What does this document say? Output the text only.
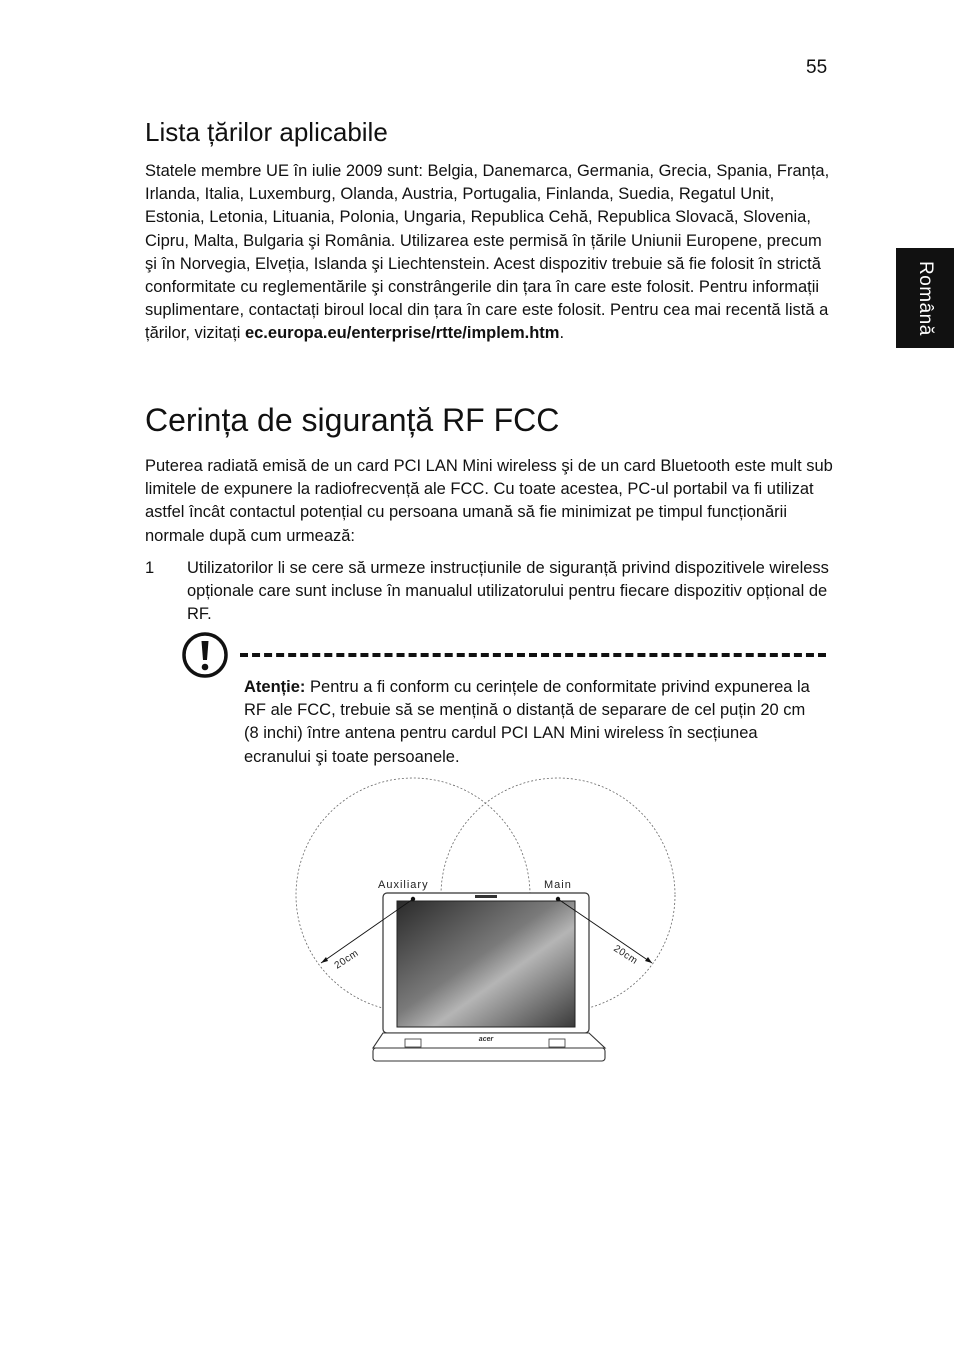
55
Română
Lista țărilor aplicabile

Statele membre UE în iulie 2009 sunt: Belgia, Danemarca, Germania, Grecia, Spania, Franța, Irlanda, Italia, Luxemburg, Olanda, Austria, Portugalia, Finlanda, Suedia, Regatul Unit, Estonia, Letonia, Lituania, Polonia, Ungaria, Republica Cehă, Republica Slovacă, Slovenia, Cipru, Malta, Bulgaria şi România. Utilizarea este permisă în țările Uniunii Europene, precum şi în Norvegia, Elveția, Islanda şi Liechtenstein. Acest dispozitiv trebuie să fie folosit în strictă conformitate cu reglementările şi constrângerile din țara în care este folosit. Pentru informații suplimentare, contactați biroul local din țara în care este folosit. Pentru cea mai recentă listă a țărilor, vizitați ec.europa.eu/enterprise/rtte/implem.htm.

Cerința de siguranță RF FCC

Puterea radiată emisă de un card PCI LAN Mini wireless şi de un card Bluetooth este mult sub limitele de expunere la radiofrecvență ale FCC. Cu toate acestea, PC-ul portabil va fi utilizat astfel încât contactul potențial cu persoana umană să fie minimizat pe timpul funcționării normale după cum urmează:

1 Utilizatorilor li se cere să urmeze instrucțiunile de siguranță privind dispozitivele wireless opționale care sunt incluse în manualul utilizatorului pentru fiecare dispozitiv opțional de RF.

Atenție: Pentru a fi conform cu cerințele de conformitate privind expunerea la RF ale FCC, trebuie să se mențină o distanță de separare de cel puțin 20 cm (8 inchi) între antena pentru cardul PCI LAN Mini wireless în secțiunea ecranului şi toate persoanele.

acer
Auxiliary	Main
20cm	20cm
